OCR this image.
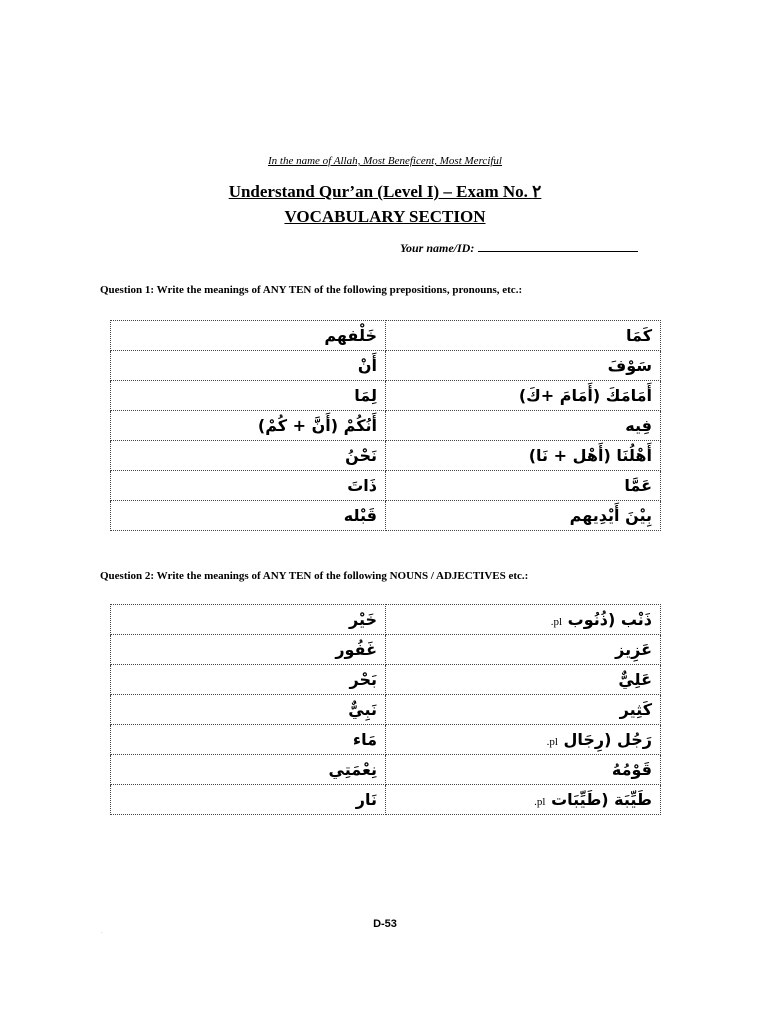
In the name of Allah, Most Beneficent, Most Merciful
Understand Qur’an (Level I) – Exam No. ٢
VOCABULARY SECTION
Your name/ID:
Question 1: Write the meanings of ANY TEN of the following prepositions, pronouns, etc.:
خَلْفهم	كَمَا
أَنْ	سَوْفَ
لِمَا	أَمَامَكَ (أَمَامَ +كَ)
أَنُكُمْ (أَنَّ + كُمْ)	فِيه
نَحْنُ	أَهْلُنَا (أَهْل + نَا)
ذَاتَ	عَمَّا
قَبْله	بِيْنَ أَيْدِيهم
Question 2: Write the meanings of ANY TEN of the following NOUNS / ADJECTIVES etc.:
خَيْر	ذَنْب (ذُنُوب pl.
غَفُور	عَزِيز
بَحْر	عَلِيٌّ
نَبِيٌّ	كَثِير
مَاء	رَجُل (رِجَال pl.
نِعْمَتِي	قَوْمُهُ
نَار	طَيِّبَة (طَيِّبَات pl.
D-53
.
